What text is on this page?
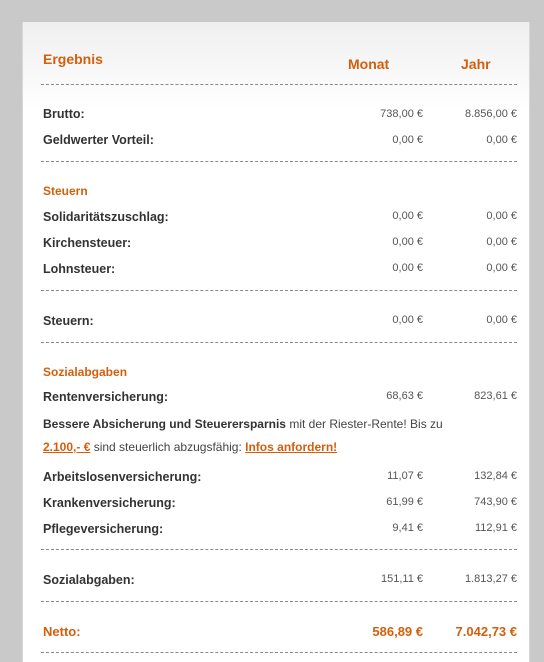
Ergebnis	Monat	Jahr
Brutto:	738,00 €	8.856,00 €
Geldwerter Vorteil:	0,00 €	0,00 €
Steuern
Solidaritätszuschlag:	0,00 €	0,00 €
Kirchensteuer:	0,00 €	0,00 €
Lohnsteuer:	0,00 €	0,00 €
Steuern:	0,00 €	0,00 €
Sozialabgaben
Rentenversicherung:	68,63 €	823,61 €
Bessere Absicherung und Steuerersparnis mit der Riester-Rente! Bis zu
2.100,- € sind steuerlich abzugsfähig: Infos anfordern!
Arbeitslosenversicherung:	11,07 €	132,84 €
Krankenversicherung:	61,99 €	743,90 €
Pflegeversicherung:	9,41 €	112,91 €
Sozialabgaben:	151,11 €	1.813,27 €
Netto:	586,89 €	7.042,73 €
